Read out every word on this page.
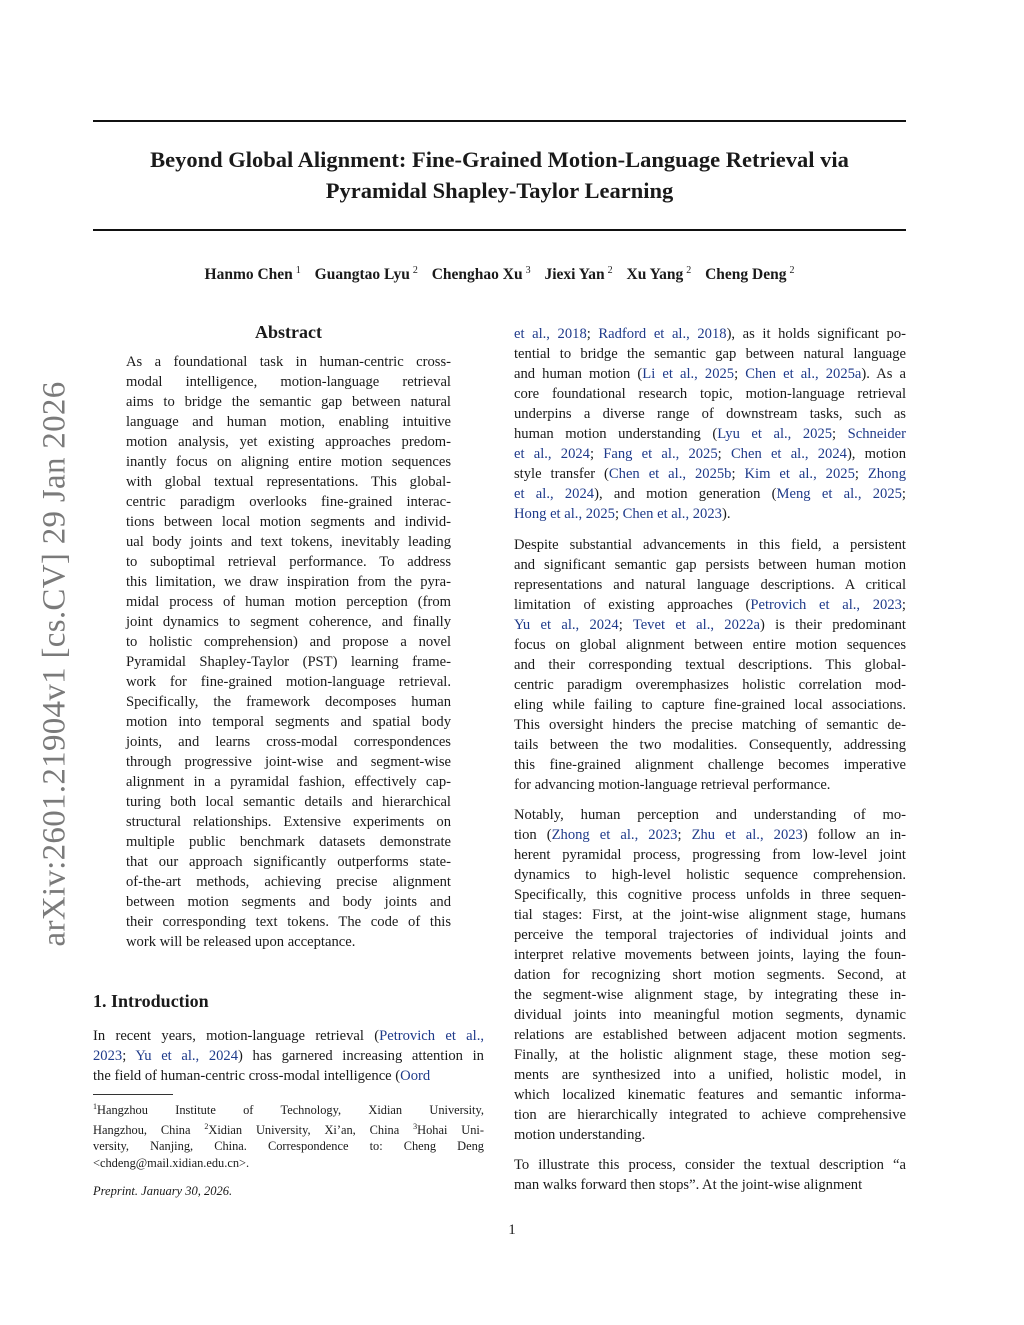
arXiv:2601.21904v1 [cs.CV] 29 Jan 2026
Beyond Global Alignment: Fine-Grained Motion-Language Retrieval via
Pyramidal Shapley-Taylor Learning
Hanmo Chen $^1$ Guangtao Lyu $^2$ Chenghao Xu $^3$ Jiexi Yan $^2$ Xu Yang $^2$ Cheng Deng $^2$
Abstract
As a foundational task in human-centric cross-
modal intelligence, motion-language retrieval
aims to bridge the semantic gap between natural
language and human motion, enabling intuitive
motion analysis, yet existing approaches predom-
inantly focus on aligning entire motion sequences
with global textual representations. This global-
centric paradigm overlooks fine-grained interac-
tions between local motion segments and individ-
ual body joints and text tokens, inevitably leading
to suboptimal retrieval performance. To address
this limitation, we draw inspiration from the pyra-
midal process of human motion perception (from
joint dynamics to segment coherence, and finally
to holistic comprehension) and propose a novel
Pyramidal Shapley-Taylor (PST) learning frame-
work for fine-grained motion-language retrieval.
Specifically, the framework decomposes human
motion into temporal segments and spatial body
joints, and learns cross-modal correspondences
through progressive joint-wise and segment-wise
alignment in a pyramidal fashion, effectively cap-
turing both local semantic details and hierarchical
structural relationships. Extensive experiments on
multiple public benchmark datasets demonstrate
that our approach significantly outperforms state-
of-the-art methods, achieving precise alignment
between motion segments and body joints and
their corresponding text tokens. The code of this
work will be released upon acceptance.
1. Introduction
In recent years, motion-language retrieval (Petrovich et al.,
2023; Yu et al., 2024) has garnered increasing attention in
the field of human-centric cross-modal intelligence (Oord
$^1$Hangzhou Institute of Technology, Xidian University,
Hangzhou, China $^2$Xidian University, Xi’an, China $^3$Hohai Uni-
versity, Nanjing, China. Correspondence to: Cheng Deng
<chdeng@mail.xidian.edu.cn>.

Preprint. January 30, 2026.

et al., 2018; Radford et al., 2018), as it holds significant po-
tential to bridge the semantic gap between natural language
and human motion (Li et al., 2025; Chen et al., 2025a). As a
core foundational research topic, motion-language retrieval
underpins a diverse range of downstream tasks, such as
human motion understanding (Lyu et al., 2025; Schneider
et al., 2024; Fang et al., 2025; Chen et al., 2024), motion
style transfer (Chen et al., 2025b; Kim et al., 2025; Zhong
et al., 2024), and motion generation (Meng et al., 2025;
Hong et al., 2025; Chen et al., 2023).
Despite substantial advancements in this field, a persistent
and significant semantic gap persists between human motion
representations and natural language descriptions. A critical
limitation of existing approaches (Petrovich et al., 2023;
Yu et al., 2024; Tevet et al., 2022a) is their predominant
focus on global alignment between entire motion sequences
and their corresponding textual descriptions. This global-
centric paradigm overemphasizes holistic correlation mod-
eling while failing to capture fine-grained local associations.
This oversight hinders the precise matching of semantic de-
tails between the two modalities. Consequently, addressing
this fine-grained alignment challenge becomes imperative
for advancing motion-language retrieval performance.
Notably, human perception and understanding of mo-
tion (Zhong et al., 2023; Zhu et al., 2023) follow an in-
herent pyramidal process, progressing from low-level joint
dynamics to high-level holistic sequence comprehension.
Specifically, this cognitive process unfolds in three sequen-
tial stages: First, at the joint-wise alignment stage, humans
perceive the temporal trajectories of individual joints and
interpret relative movements between joints, laying the foun-
dation for recognizing short motion segments. Second, at
the segment-wise alignment stage, by integrating these in-
dividual joints into meaningful motion segments, dynamic
relations are established between adjacent motion segments.
Finally, at the holistic alignment stage, these motion seg-
ments are synthesized into a unified, holistic model, in
which localized kinematic features and semantic informa-
tion are hierarchically integrated to achieve comprehensive
motion understanding.
To illustrate this process, consider the textual description “a
man walks forward then stops”. At the joint-wise alignment
1
